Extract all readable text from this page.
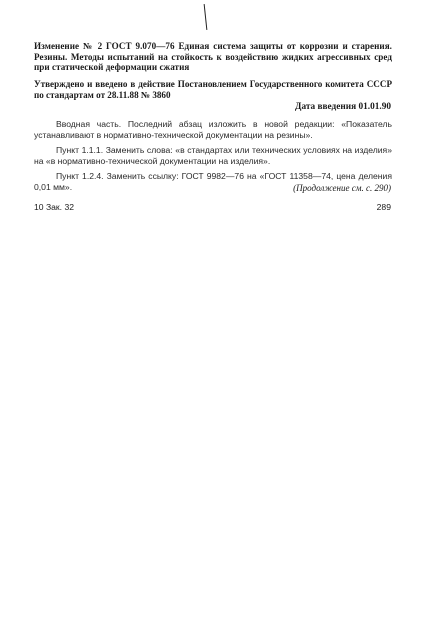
Изменение № 2 ГОСТ 9.070—76 Единая система защиты от коррозии и старения. Резины. Методы испытаний на стойкость к воздействию жидких агрессивных сред при статической деформации сжатия
Утверждено и введено в действие Постановлением Государственного комитета СССР по стандартам от 28.11.88 № 3860
Дата введения 01.01.90

Вводная часть. Последний абзац изложить в новой редакции: «Показатель устанавливают в нормативно-технической документации на резины».

Пункт 1.1.1. Заменить слова: «в стандартах или технических условиях на изделия» на «в нормативно-технической документации на изделия».

Пункт 1.2.4. Заменить ссылку: ГОСТ 9982—76 на «ГОСТ 11358—74, цена деления 0,01 мм».	(Продолжение см. с. 290)
10 Зак. 32	289
